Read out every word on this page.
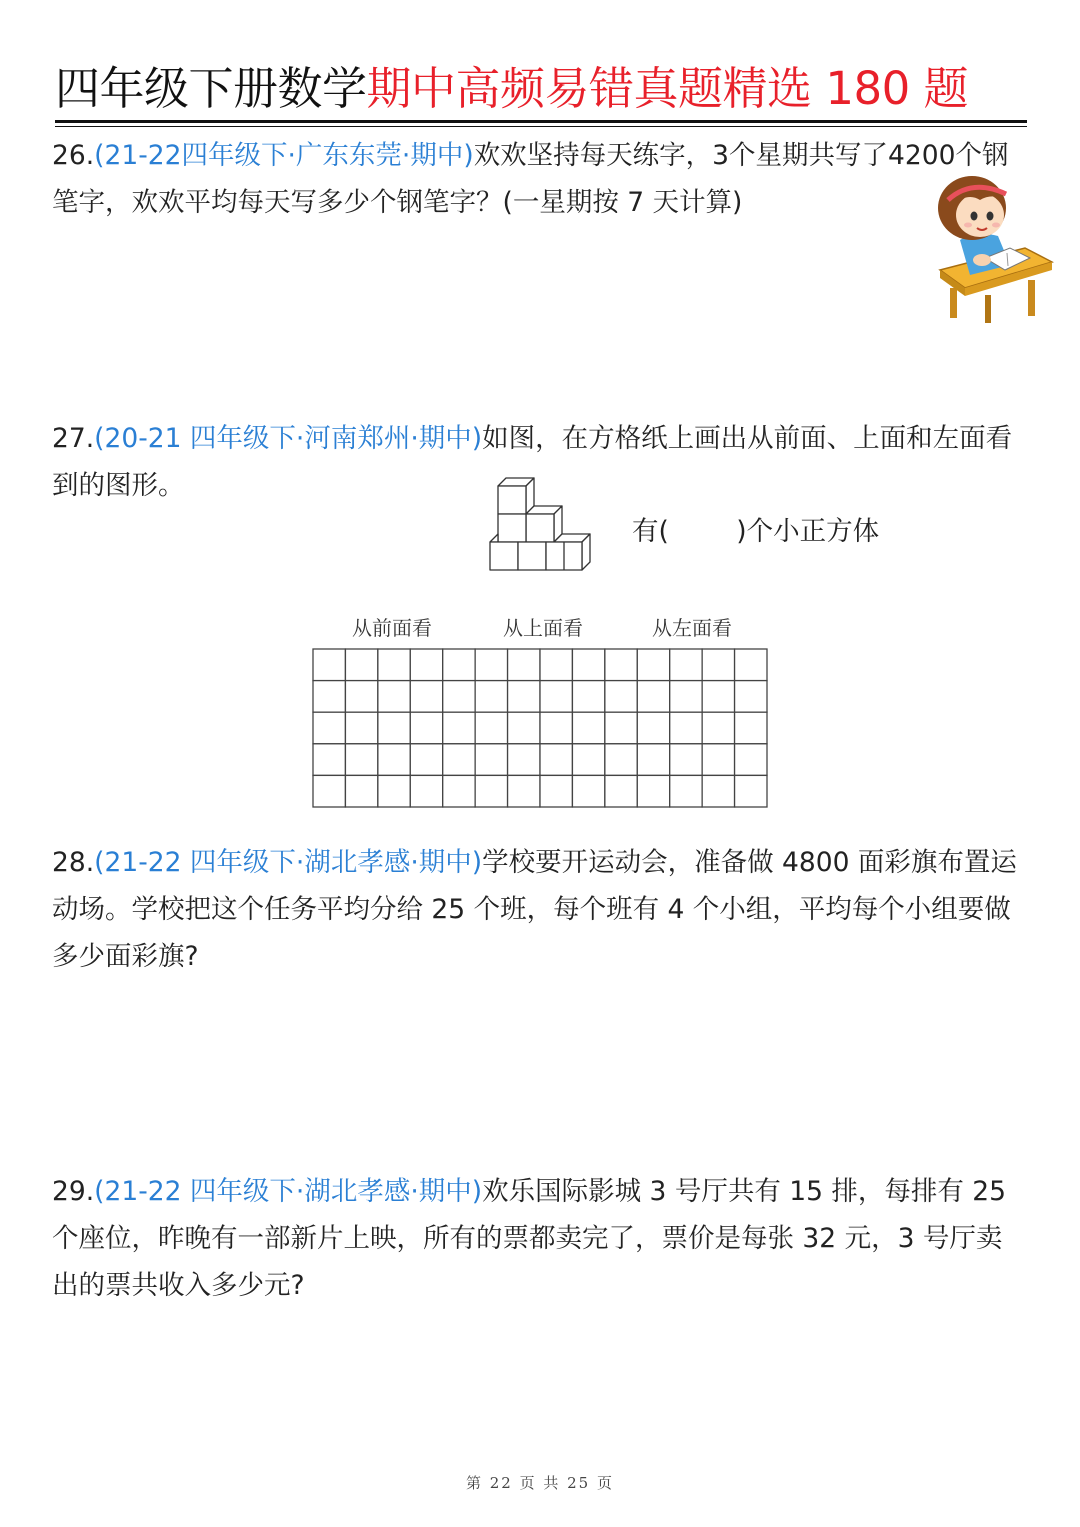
四年级下册数学期中高频易错真题精选 180 题
26.(21-22四年级下·广东东莞·期中)欢欢坚持每天练字，3个星期共写了4200个钢笔字，欢欢平均每天写多少个钢笔字？(一星期按 7 天计算)
27.(20-21 四年级下·河南郑州·期中)如图，在方格纸上画出从前面、上面和左面看到的图形。
有(	)个小正方体
从前面看	从上面看	从左面看
28.(21-22 四年级下·湖北孝感·期中)学校要开运动会，准备做 4800 面彩旗布置运动场。学校把这个任务平均分给 25 个班，每个班有 4 个小组，平均每个小组要做多少面彩旗?
29.(21-22 四年级下·湖北孝感·期中)欢乐国际影城 3 号厅共有 15 排，每排有 25 个座位，昨晚有一部新片上映，所有的票都卖完了，票价是每张 32 元，3 号厅卖出的票共收入多少元?
第 22 页 共 25 页
